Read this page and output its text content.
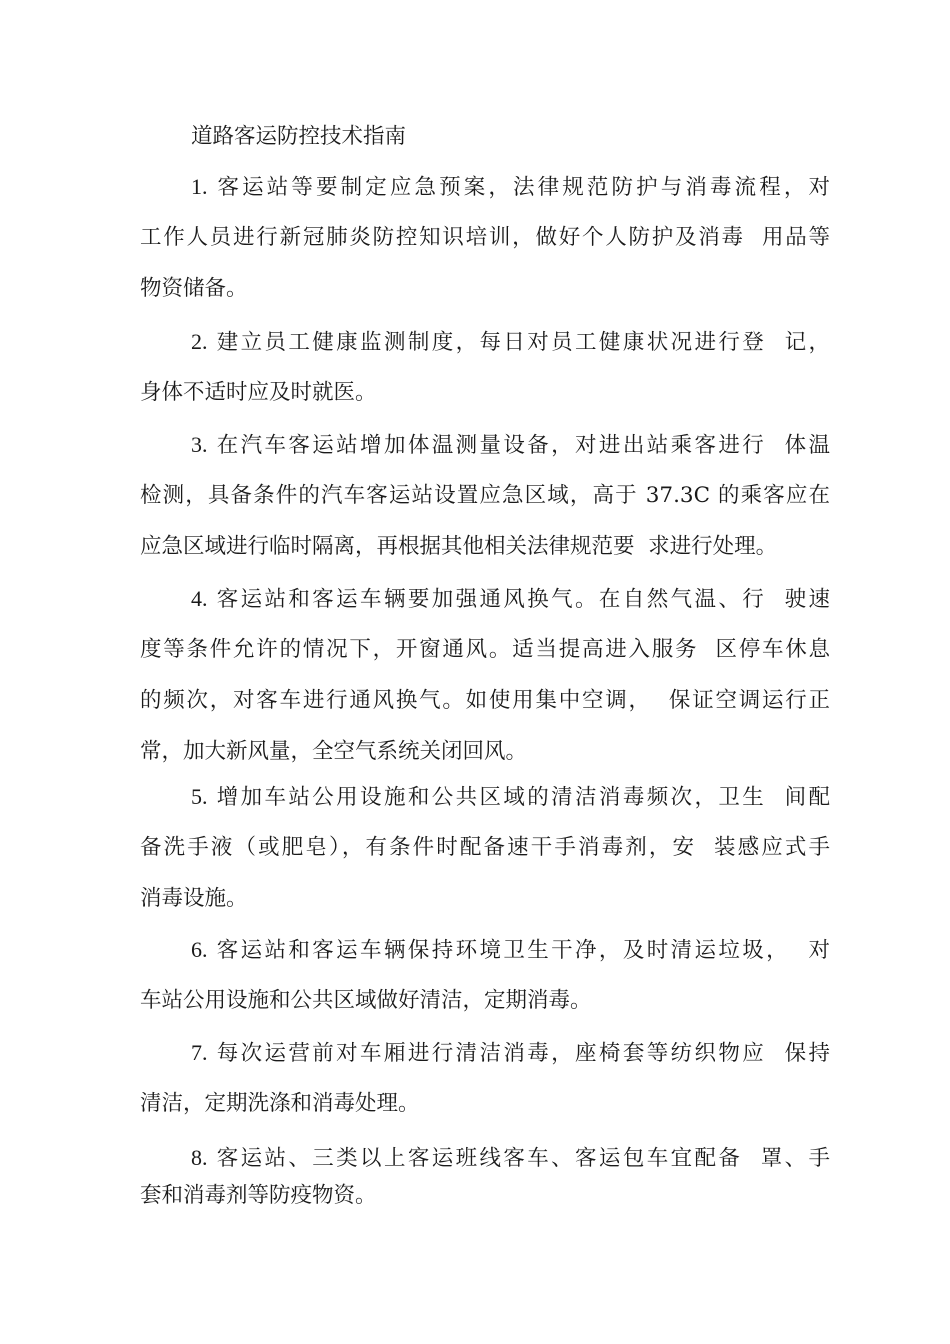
道路客运防控技术指南
1. 客运站等要制定应急预案，法律规范防护与消毒流程，对
工作人员进行新冠肺炎防控知识培训，做好个人防护及消毒  用品等
物资储备。
2. 建立员工健康监测制度，每日对员工健康状况进行登  记，
身体不适时应及时就医。
3. 在汽车客运站增加体温测量设备，对进出站乘客进行  体温
检测，具备条件的汽车客运站设置应急区域，高于 37.3C 的乘客应在
应急区域进行临时隔离，再根据其他相关法律规范要  求进行处理。
4. 客运站和客运车辆要加强通风换气。在自然气温、行  驶速
度等条件允许的情况下，开窗通风。适当提高进入服务  区停车休息
的频次，对客车进行通风换气。如使用集中空调，  保证空调运行正
常，加大新风量，全空气系统关闭回风。
5. 增加车站公用设施和公共区域的清洁消毒频次，卫生  间配
备洗手液（或肥皂），有条件时配备速干手消毒剂，安  装感应式手
消毒设施。
6. 客运站和客运车辆保持环境卫生干净，及时清运垃圾，  对
车站公用设施和公共区域做好清洁，定期消毒。
7. 每次运营前对车厢进行清洁消毒，座椅套等纺织物应  保持
清洁，定期洗涤和消毒处理。
8. 客运站、三类以上客运班线客车、客运包车宜配备  罩、手
套和消毒剂等防疫物资。
